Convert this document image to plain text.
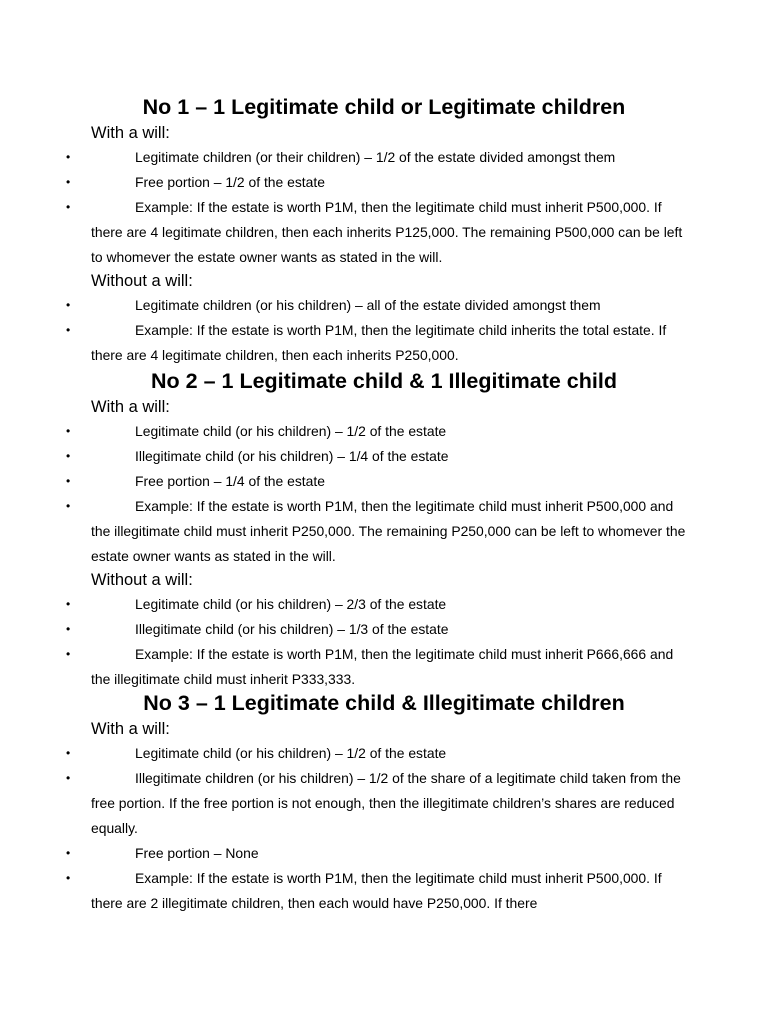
No 1 – 1 Legitimate child or Legitimate children
With a will:
•	Legitimate children (or their children) – 1/2 of the estate divided amongst them
•	Free portion – 1/2 of the estate
•	Example: If the estate is worth P1M, then the legitimate child must inherit P500,000. If there are 4 legitimate children, then each inherits P125,000. The remaining P500,000 can be left to whomever the estate owner wants as stated in the will.
Without a will:
•	Legitimate children (or his children) – all of the estate divided amongst them
•	Example: If the estate is worth P1M, then the legitimate child inherits the total estate. If there are 4 legitimate children, then each inherits P250,000.
No 2 – 1 Legitimate child & 1 Illegitimate child
With a will:
•	Legitimate child (or his children) – 1/2 of the estate
•	Illegitimate child (or his children) – 1/4 of the estate
•	Free portion – 1/4 of the estate
•	Example: If the estate is worth P1M, then the legitimate child must inherit P500,000 and the illegitimate child must inherit P250,000. The remaining P250,000 can be left to whomever the estate owner wants as stated in the will.
Without a will:
•	Legitimate child (or his children) – 2/3 of the estate
•	Illegitimate child (or his children) – 1/3 of the estate
•	Example: If the estate is worth P1M, then the legitimate child must inherit P666,666 and the illegitimate child must inherit P333,333.
No 3 – 1 Legitimate child & Illegitimate children
With a will:
•	Legitimate child (or his children) – 1/2 of the estate
•	Illegitimate children (or his children) – 1/2 of the share of a legitimate child taken from the free portion. If the free portion is not enough, then the illegitimate children’s shares are reduced equally.
•	Free portion – None
•	Example: If the estate is worth P1M, then the legitimate child must inherit P500,000. If there are 2 illegitimate children, then each would have P250,000. If there
